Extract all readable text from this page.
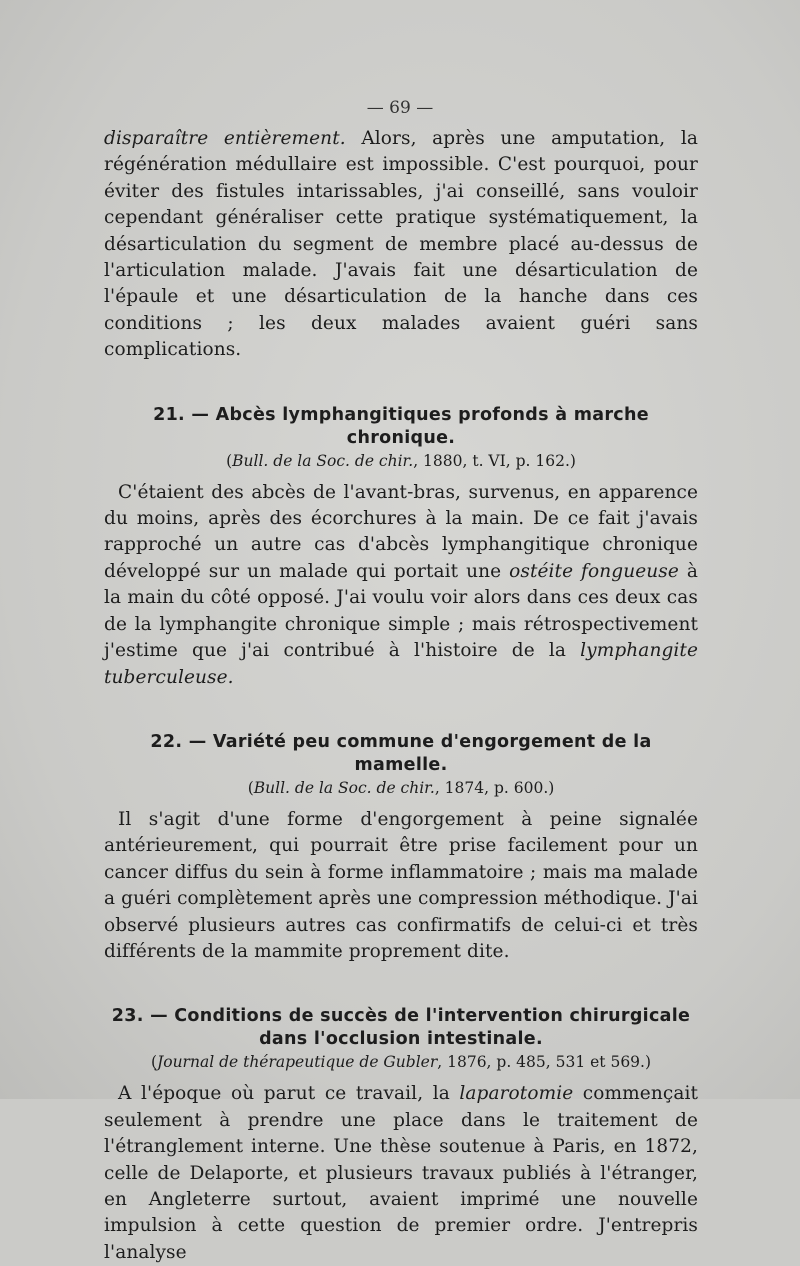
— 69 —

disparaître entièrement. Alors, après une amputation, la régénération médullaire est impossible. C'est pourquoi, pour éviter des fistules intarissables, j'ai conseillé, sans vouloir cependant généraliser cette pratique systématiquement, la désarticulation du segment de membre placé au-dessus de l'articulation malade. J'avais fait une désarticulation de l'épaule et une désarticulation de la hanche dans ces conditions ; les deux malades avaient guéri sans complications.

21. — Abcès lymphangitiques profonds à marche chronique.

(Bull. de la Soc. de chir., 1880, t. VI, p. 162.)

C'étaient des abcès de l'avant-bras, survenus, en apparence du moins, après des écorchures à la main. De ce fait j'avais rapproché un autre cas d'abcès lymphangitique chronique développé sur un malade qui portait une ostéite fongueuse à la main du côté opposé. J'ai voulu voir alors dans ces deux cas de la lymphangite chronique simple ; mais rétrospectivement j'estime que j'ai contribué à l'histoire de la lymphangite tuberculeuse.

22. — Variété peu commune d'engorgement de la mamelle.

(Bull. de la Soc. de chir., 1874, p. 600.)

Il s'agit d'une forme d'engorgement à peine signalée antérieurement, qui pourrait être prise facilement pour un cancer diffus du sein à forme inflammatoire ; mais ma malade a guéri complètement après une compression méthodique. J'ai observé plusieurs autres cas confirmatifs de celui-ci et très différents de la mammite proprement dite.

23. — Conditions de succès de l'intervention chirurgicale
dans l'occlusion intestinale.

(Journal de thérapeutique de Gubler, 1876, p. 485, 531 et 569.)

A l'époque où parut ce travail, la laparotomie commençait seulement à prendre une place dans le traitement de l'étranglement interne. Une thèse soutenue à Paris, en 1872, celle de Delaporte, et plusieurs travaux publiés à l'étranger, en Angleterre surtout, avaient imprimé une nouvelle impulsion à cette question de premier ordre. J'entrepris l'analyse
